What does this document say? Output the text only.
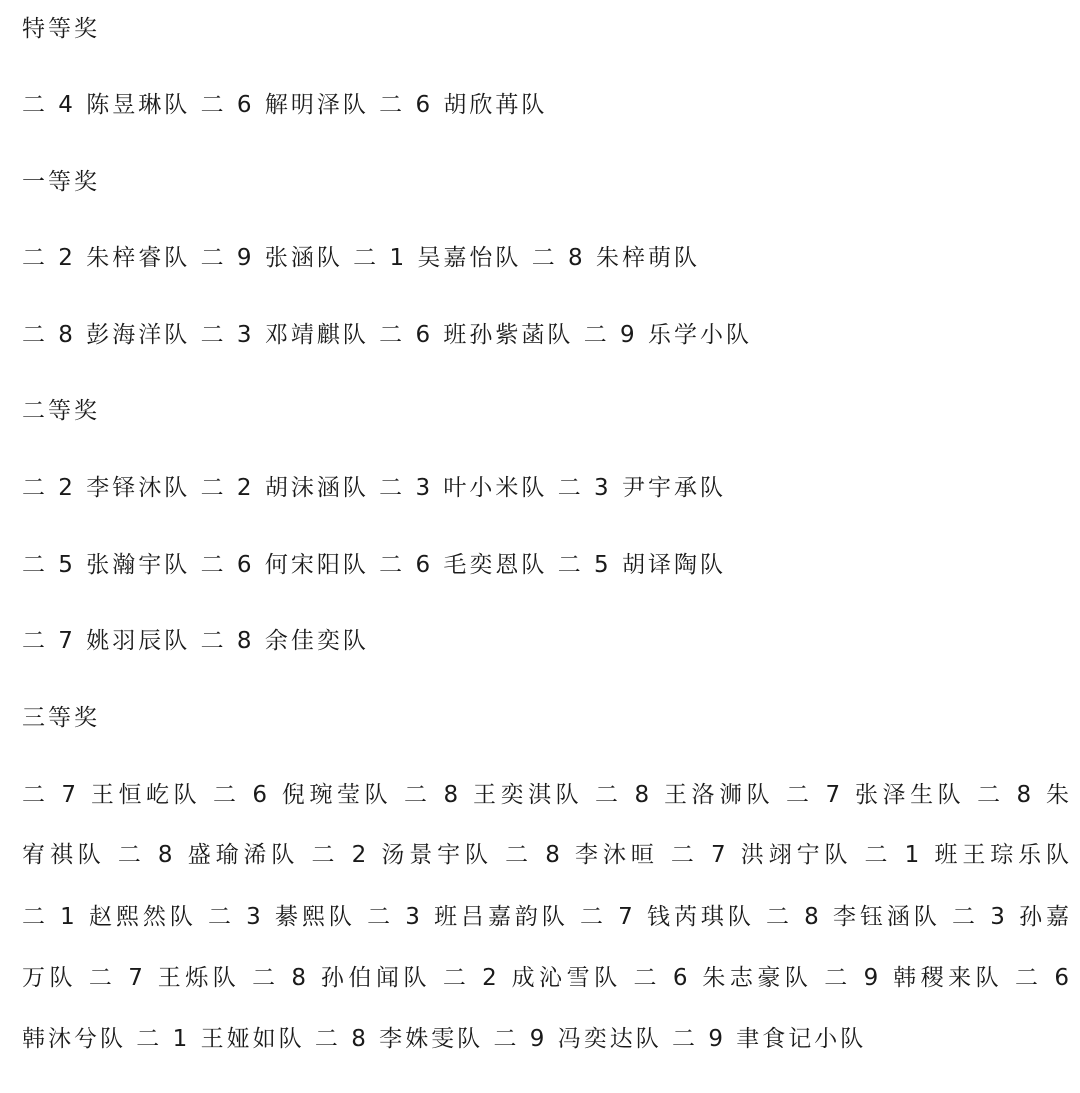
特等奖
二 4 陈昱琳队 二 6 解明泽队 二 6 胡欣苒队
一等奖
二 2 朱梓睿队 二 9 张涵队 二 1 吴嘉怡队 二 8 朱梓萌队
二 8 彭海洋队 二 3 邓靖麒队 二 6 班孙紫菡队 二 9 乐学小队
二等奖
二 2 李铎沐队 二 2 胡沫涵队 二 3 叶小米队 二 3 尹宇承队
二 5 张瀚宇队 二 6 何宋阳队 二 6 毛奕恩队 二 5 胡译陶队
二 7 姚羽辰队 二 8 余佳奕队
三等奖
二 7 王恒屹队 二 6 倪琬莹队 二 8 王奕淇队 二 8 王洛浉队 二 7 张泽生队 二 8 朱
宥祺队 二 8 盛瑜浠队 二 2 汤景宇队 二 8 李沐晅 二 7 洪翊宁队 二 1 班王琮乐队
二 1 赵熙然队 二 3 綦熙队 二 3 班吕嘉韵队 二 7 钱芮琪队 二 8 李钰涵队 二 3 孙嘉
万队 二 7 王烁队 二 8 孙伯闻队 二 2 成沁雪队 二 6 朱志豪队 二 9 韩稷来队 二 6
韩沐兮队 二 1 王娅如队 二 8 李姝雯队 二 9 冯奕达队 二 9 聿食记小队
